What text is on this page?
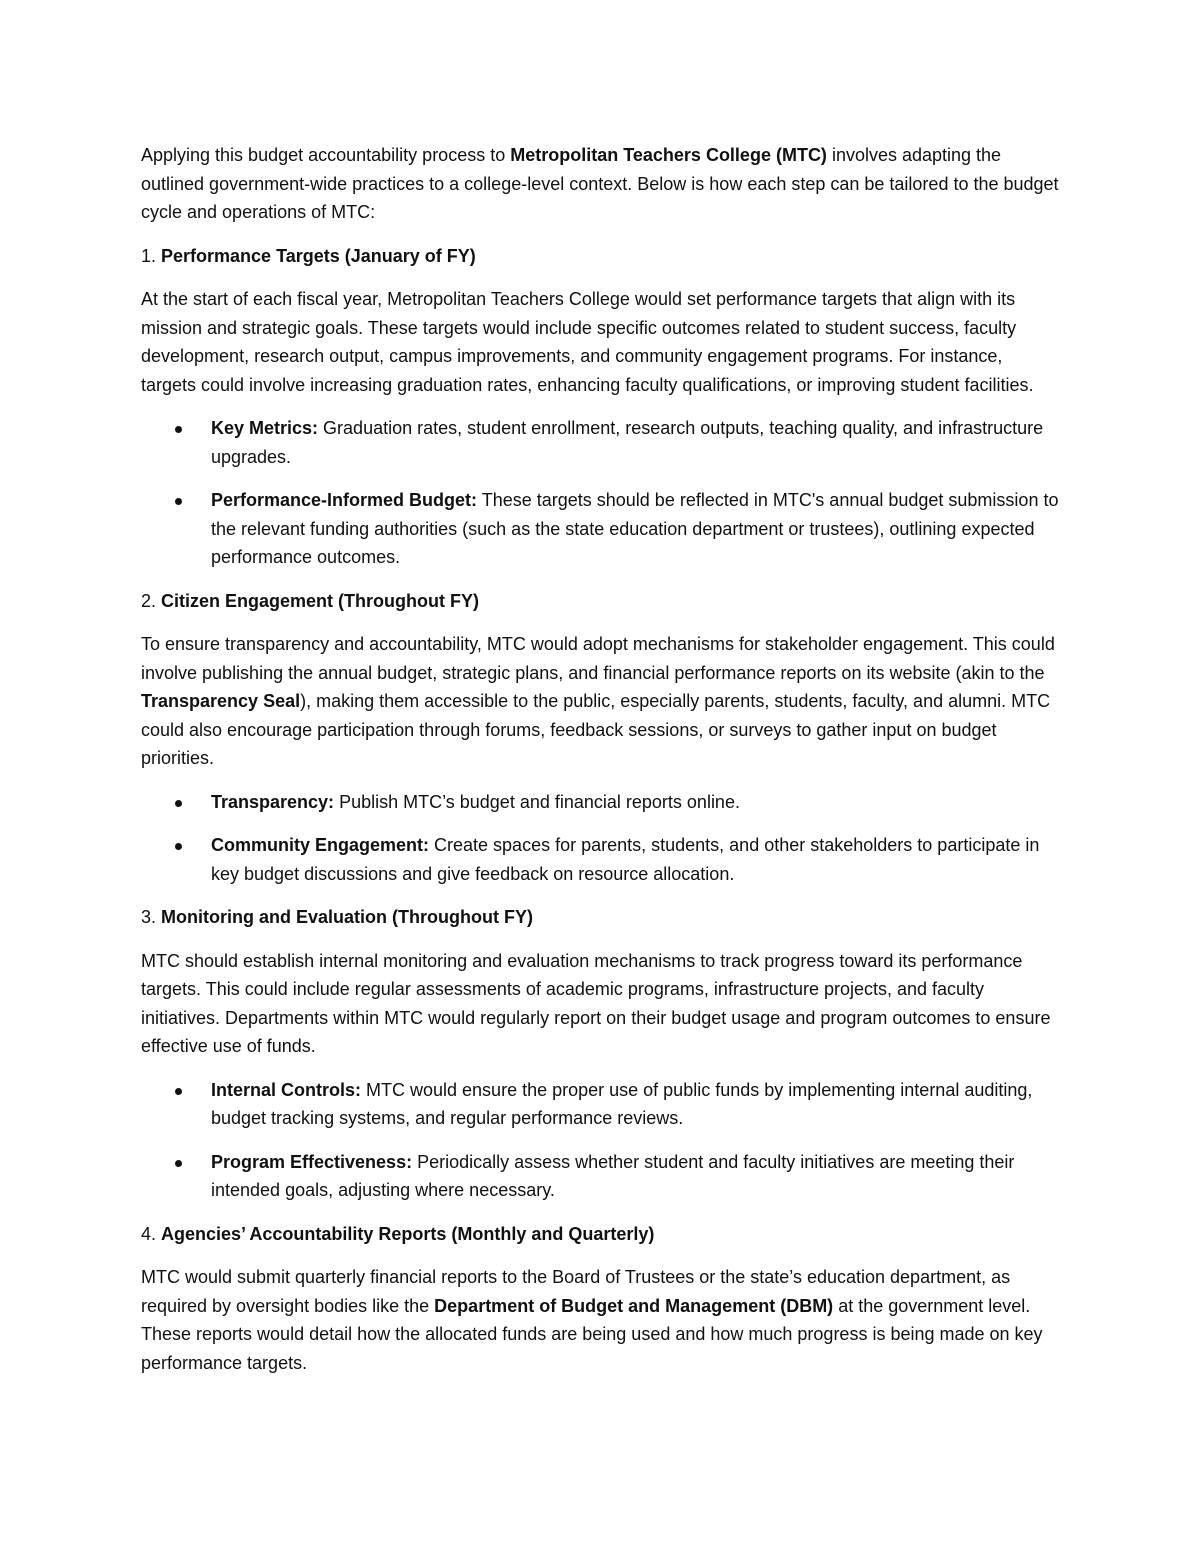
Applying this budget accountability process to Metropolitan Teachers College (MTC) involves adapting the outlined government-wide practices to a college-level context. Below is how each step can be tailored to the budget cycle and operations of MTC:

1. Performance Targets (January of FY)

At the start of each fiscal year, Metropolitan Teachers College would set performance targets that align with its mission and strategic goals. These targets would include specific outcomes related to student success, faculty development, research output, campus improvements, and community engagement programs. For instance, targets could involve increasing graduation rates, enhancing faculty qualifications, or improving student facilities.

Key Metrics: Graduation rates, student enrollment, research outputs, teaching quality, and infrastructure upgrades.
Performance-Informed Budget: These targets should be reflected in MTC's annual budget submission to the relevant funding authorities (such as the state education department or trustees), outlining expected performance outcomes.
2. Citizen Engagement (Throughout FY)

To ensure transparency and accountability, MTC would adopt mechanisms for stakeholder engagement. This could involve publishing the annual budget, strategic plans, and financial performance reports on its website (akin to the Transparency Seal), making them accessible to the public, especially parents, students, faculty, and alumni. MTC could also encourage participation through forums, feedback sessions, or surveys to gather input on budget priorities.

Transparency: Publish MTC’s budget and financial reports online.
Community Engagement: Create spaces for parents, students, and other stakeholders to participate in key budget discussions and give feedback on resource allocation.
3. Monitoring and Evaluation (Throughout FY)

MTC should establish internal monitoring and evaluation mechanisms to track progress toward its performance targets. This could include regular assessments of academic programs, infrastructure projects, and faculty initiatives. Departments within MTC would regularly report on their budget usage and program outcomes to ensure effective use of funds.

Internal Controls: MTC would ensure the proper use of public funds by implementing internal auditing, budget tracking systems, and regular performance reviews.
Program Effectiveness: Periodically assess whether student and faculty initiatives are meeting their intended goals, adjusting where necessary.
4. Agencies’ Accountability Reports (Monthly and Quarterly)

MTC would submit quarterly financial reports to the Board of Trustees or the state’s education department, as required by oversight bodies like the Department of Budget and Management (DBM) at the government level. These reports would detail how the allocated funds are being used and how much progress is being made on key performance targets.
